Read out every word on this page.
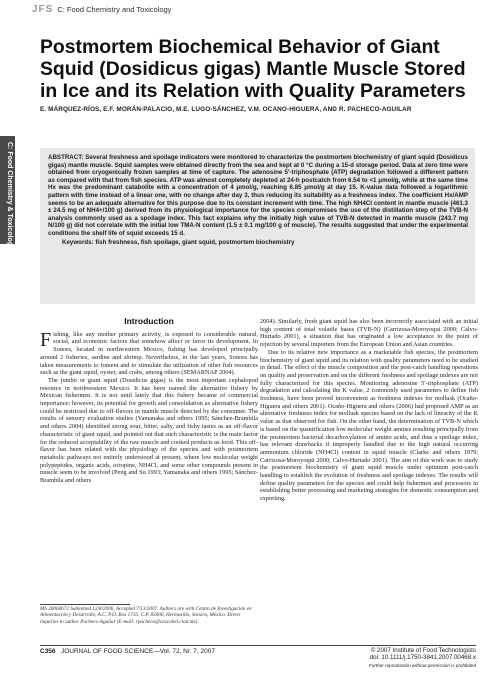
JFS C: Food Chemistry and Toxicology
C: Food Chemistry & Toxicology
Postmortem Biochemical Behavior of Giant Squid (Dosidicus gigas) Mantle Muscle Stored in Ice and its Relation with Quality Parameters
E. MÁRQUEZ-RÍOS, E.F. MORÁN-PALACIO, M.E. LUGO-SÁNCHEZ, V.M. OCANO-HIGUERA, AND R. PACHECO-AGUILAR
ABSTRACT: Several freshness and spoilage indicators were monitored to characterize the postmortem biochemistry of giant squid (Dosidicus gigas) mantle muscle. Squid samples were obtained directly from the sea and kept at 0 °C during a 15-d storage period. Data at zero time were obtained from cryogenically frozen samples at time of capture. The adenosine 5′-triphosphate (ATP) degradation followed a different pattern as compared with that from fish species. ATP was almost completely depleted at 24-h postcatch from 6.54 to <1 μmol/g, while at the same time Hx was the predominant catabolite with a concentration of 4 μmol/g, reaching 6.85 μmol/g at day 15. K-value data followed a logarithmic pattern with time instead of a linear one, with no change after day 3, thus reducing its suitability as a freshness index. The coefficient Hx/AMP seems to be an adequate alternative for this purpose due to its constant increment with time. The high NH4Cl content in mantle muscle (461.3 ± 24.5 mg of NH4+/100 g) derived from its physiological importance for the species compromises the use of the distillation step of the TVB-N analysis commonly used as a spoilage index. This fact explains why the initially high value of TVB-N detected in mantle muscle (243.7 mg N/100 g) did not correlate with the initial low TMA-N content (1.5 ± 0.1 mg/100 g of muscle). The results suggested that under the experimental conditions the shelf life of squid exceeds 15 d.
Keywords: fish freshness, fish spoilage, giant squid, postmortem biochemistry
Introduction

Fishing, like any mother primary activity, is exposed to considerable natural, social, and economic factors that somehow affect or favor its development. In Sonora, located in northwestern Mexico, fishing has developed principally around 2 fisheries, sardine and shrimp. Nevertheless, in the last years, Sonora has taken measurements to foment and to stimulate the utilization of other fish resources such as the giant squid, oyster, and crabs, among others (SEMARNAP 2004).

The jumbo or giant squid (Dosidicus gigas) is the most important cephalopod resource in northwestern Mexico. It has been named the alternative fishery by Mexican fishermen. It is not until lately that this fishery became of commercial importance; however, its potential for growth and consolidation as alternative fishery could be restricted due to off-flavors in mantle muscle detected by the consumer. The results of sensory evaluation studies (Yamanaka and others 1995; Sánchez-Brambila and others 2004) identified strong sour, bitter, salty, and fishy tastes as an off-flavor characteristic of giant squid, and pointed out that such characteristic is the main factor for the reduced acceptability of the raw muscle and cooked products as food. This off-flavor has been related with the physiology of the species and with postmortem metabolic pathways not entirely understood at present, where low molecular weight polypeptides, organic acids, octopine, NH4Cl, and some other compounds present in muscle seem to be involved (Peng and Su 1993; Yamanaka and others 1995; Sánchez-Brambila and others

2004). Similarly, fresh giant squid has also been incorrectly associated with an initial high content of total volatile bases (TVB-N) (Carrizosa-Moroyoqui 2000; Calvo-Hurtado 2001), a situation that has originated a low acceptance to the point of rejection by several importers from the European Union and Asian countries.

Due to its relative new importance as a marketable fish species, the postmortem biochemistry of giant squid and its relation with quality parameters need to be studied in detail. The effect of the muscle composition and the post-catch handling operations on quality and preservation and on the different freshness and spoilage indexes are not fully characterized for this species. Monitoring adenosine 5′-triphosphate (ATP) degradation and calculating the K value, 2 commonly used parameters to define fish freshness, have been proved inconvenient as freshness indexes for mollusk (Ocaño-Higuera and others 2001). Ocaño-Higuera and others (2006) had proposed AMP as an alternative freshness index for mollusk species based on the lack of linearity of the K value as that observed for fish. On the other hand, the determination of TVB-N which is based on the quantification low molecular weight amines resulting principally from the postmortem bacterial decarboxylation of amino acids, and thus a spoilage index, has relevant drawbacks if improperly handled due to the high natural occurring ammonium chloride (NH4Cl) content in squid muscle (Clarke and others 1979; Carrizosa-Moroyoqui 2000; Calvo-Hurtado 2001). The aim of this work was to study the postmortem biochemistry of giant squid muscle under optimum post-catch handling to establish the evolution of freshness and spoilage indexes. The results will define quality parameters for the species and could help fishermen and processors in establishing better processing and marketing strategies for domestic consumption and exporting.

MS 20060672 Submitted 12/8/2006, Accepted 7/13/2007. Authors are with Centro de Investigación en Alimentación y Desarrollo, A.C. P.O. Box 1735. C.P. 83000, Hermosillo, Sonora, México. Direct inquiries to author Pacheco-Aguilar (E-mail: rpacheco@cascabel.ciad.mx).
C356 JOURNAL OF FOOD SCIENCE—Vol. 72, Nr. 7, 2007	© 2007 Institute of Food Technologists
doi: 10.1111/j.1750-3841.2007.00468.x
Further reproduction without permission is prohibited
